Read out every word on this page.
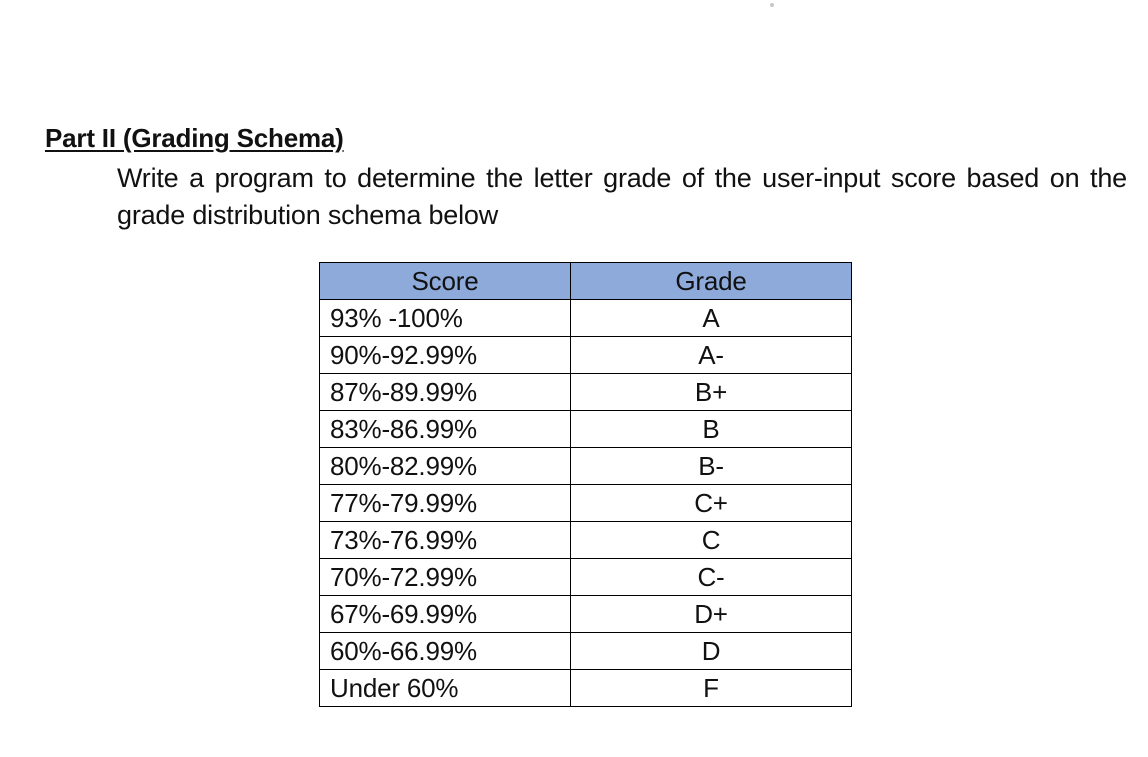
Part II (Grading Schema)
Write a program to determine the letter grade of the user-input score based on the grade distribution schema below
Score	Grade
93% -100%	A
90%-92.99%	A-
87%-89.99%	B+
83%-86.99%	B
80%-82.99%	B-
77%-79.99%	C+
73%-76.99%	C
70%-72.99%	C-
67%-69.99%	D+
60%-66.99%	D
Under 60%	F
